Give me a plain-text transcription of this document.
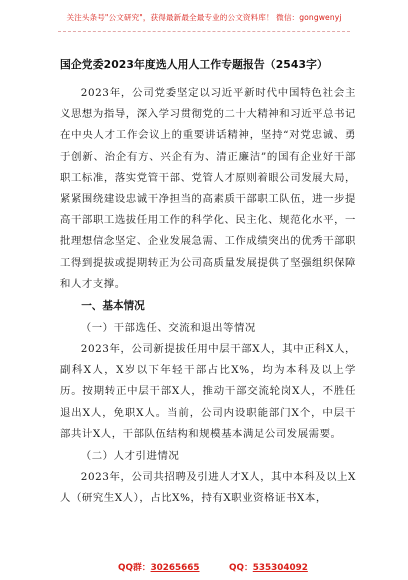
关注头条号"公文研究"，获得最新最全最专业的公文资料库！ 微信：gongwenyj
国企党委2023年度选人用人工作专题报告（2543字）

2023年，公司党委坚定以习近平新时代中国特色社会主义思想为指导，深入学习贯彻党的二十大精神和习近平总书记在中央人才工作会议上的重要讲话精神，坚持“对党忠诚、勇于创新、治企有方、兴企有为、清正廉洁”的国有企业好干部职工标准，落实党管干部、党管人才原则着眼公司发展大局，紧紧围绕建设忠诚干净担当的高素质干部职工队伍，进一步提高干部职工选拔任用工作的科学化、民主化、规范化水平，一批理想信念坚定、企业发展急需、工作成绩突出的优秀干部职工得到提拔或提期转正为公司高质量发展提供了坚强组织保障和人才支撑。

一、基本情况
（一）干部选任、交流和退出等情况

2023年，公司新提拔任用中层干部X人，其中正科X人，副科X人，X岁以下年轻干部占比X%，均为本科及以上学历。按期转正中层干部X人，推动干部交流轮岗X人，不胜任退出X人，免职X人。当前，公司内设职能部门X个，中层干部共计X人，干部队伍结构和规模基本满足公司发展需要。

（二）人才引进情况

2023年，公司共招聘及引进人才X人，其中本科及以上X人（研究生X人），占比X%，持有X职业资格证书X本，

QQ群：30265665	QQ：535304092
